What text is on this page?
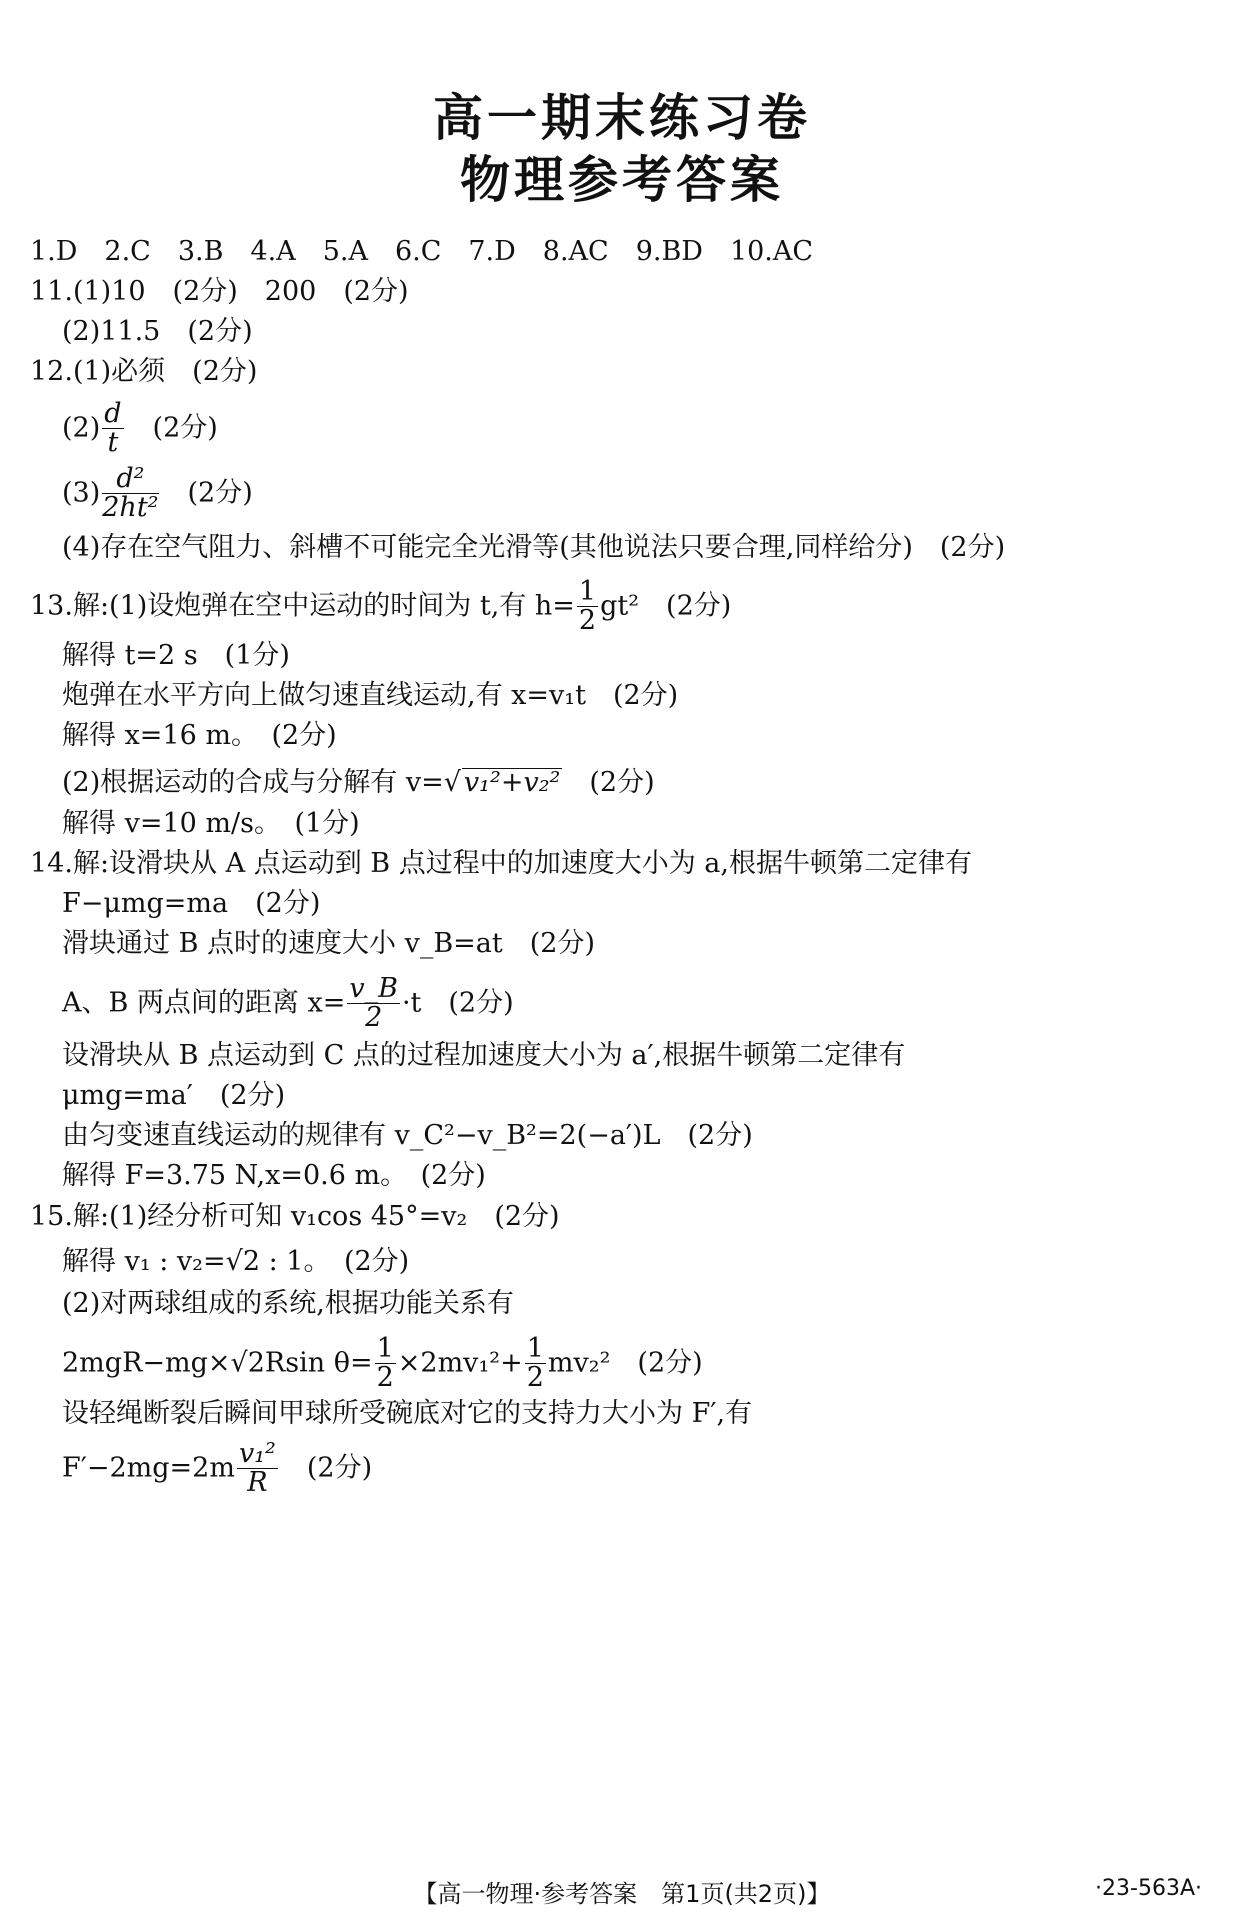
高一期末练习卷
物理参考答案
1.D　2.C　3.B　4.A　5.A　6.C　7.D　8.AC　9.BD　10.AC
11.(1)10　(2分)　200　(2分)
(2)11.5　(2分)
12.(1)必须　(2分)
$(2) \frac{d}{t}$
　 (2分)
$(3) \frac{\text{d²}}{\text{2ht²}}$
　 (2分)
(4)存在空气阻力、斜槽不可能完全光滑等(其他说法只要合理,同样给分)　(2分)
13.解:(1)设炮弹在空中运动的时间为 t,有 $h= \frac{1}{2} gt^2$　(2分)
解得 t=2 s　(1分)
炮弹在水平方向上做匀速直线运动,有 x=v₁t　(2分)
解得 x=16 m。　(2分)
(2)根据运动的合成与分解有 v=√ v₁²+v₂²　 (2分)
解得 v=10 m/s。　(1分)
14.解:设滑块从 A 点运动到 B 点过程中的加速度大小为 a,根据牛顿第二定律有
F−μmg=ma　(2分)
滑块通过 B 点时的速度大小 v_B=at　(2分)
A、B 两点间的距离 $x= \frac{v\_B}{2} \cdot t$　(2分)
设滑块从 B 点运动到 C 点的过程加速度大小为 a′,根据牛顿第二定律有
μmg=ma′　(2分)
由匀变速直线运动的规律有 v_C²−v_B²=2(−a′)L　(2分)
解得 F=3.75 N,x=0.6 m。　(2分)
15.解:(1)经分析可知 v₁cos 45°=v₂　(2分)
解得 v₁ : v₂=√2 : 1。　(2分)
(2)对两球组成的系统,根据功能关系有
2mgR−mg×√2Rsin $\theta= \frac{1}{2} \times 2mv_1^2+ \frac{1}{2} mv_2^2$　(2分)
设轻绳断裂后瞬间甲球所受碗底对它的支持力大小为 F′,有
$F'-2mg=2m \frac{\text{v₁²}}{R}$
　 (2分)
【高一物理·参考答案　第1页(共2页)】	·23-563A·
